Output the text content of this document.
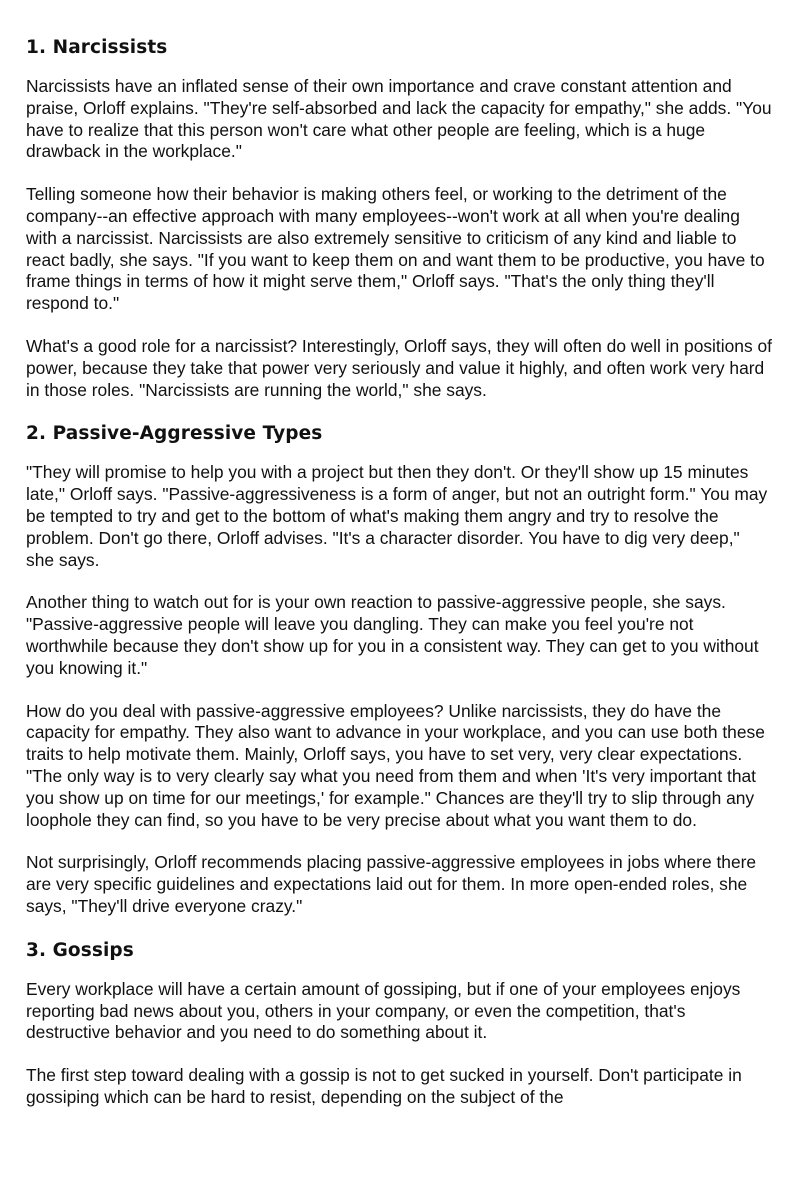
1. Narcissists

Narcissists have an inflated sense of their own importance and crave constant attention and praise, Orloff explains. "They're self-absorbed and lack the capacity for empathy," she adds. "You have to realize that this person won't care what other people are feeling, which is a huge drawback in the workplace."

Telling someone how their behavior is making others feel, or working to the detriment of the company--an effective approach with many employees--won't work at all when you're dealing with a narcissist. Narcissists are also extremely sensitive to criticism of any kind and liable to react badly, she says. "If you want to keep them on and want them to be productive, you have to frame things in terms of how it might serve them," Orloff says. "That's the only thing they'll respond to."

What's a good role for a narcissist? Interestingly, Orloff says, they will often do well in positions of power, because they take that power very seriously and value it highly, and often work very hard in those roles. "Narcissists are running the world," she says.

2. Passive-Aggressive Types

"They will promise to help you with a project but then they don't. Or they'll show up 15 minutes late," Orloff says. "Passive-aggressiveness is a form of anger, but not an outright form." You may be tempted to try and get to the bottom of what's making them angry and try to resolve the problem. Don't go there, Orloff advises. "It's a character disorder. You have to dig very deep," she says.

Another thing to watch out for is your own reaction to passive-aggressive people, she says. "Passive-aggressive people will leave you dangling. They can make you feel you're not worthwhile because they don't show up for you in a consistent way. They can get to you without you knowing it."

How do you deal with passive-aggressive employees? Unlike narcissists, they do have the capacity for empathy. They also want to advance in your workplace, and you can use both these traits to help motivate them. Mainly, Orloff says, you have to set very, very clear expectations. "The only way is to very clearly say what you need from them and when 'It's very important that you show up on time for our meetings,' for example." Chances are they'll try to slip through any loophole they can find, so you have to be very precise about what you want them to do.

Not surprisingly, Orloff recommends placing passive-aggressive employees in jobs where there are very specific guidelines and expectations laid out for them. In more open-ended roles, she says, "They'll drive everyone crazy."

3. Gossips

Every workplace will have a certain amount of gossiping, but if one of your employees enjoys reporting bad news about you, others in your company, or even the competition, that's destructive behavior and you need to do something about it.

The first step toward dealing with a gossip is not to get sucked in yourself. Don't participate in gossiping which can be hard to resist, depending on the subject of the
